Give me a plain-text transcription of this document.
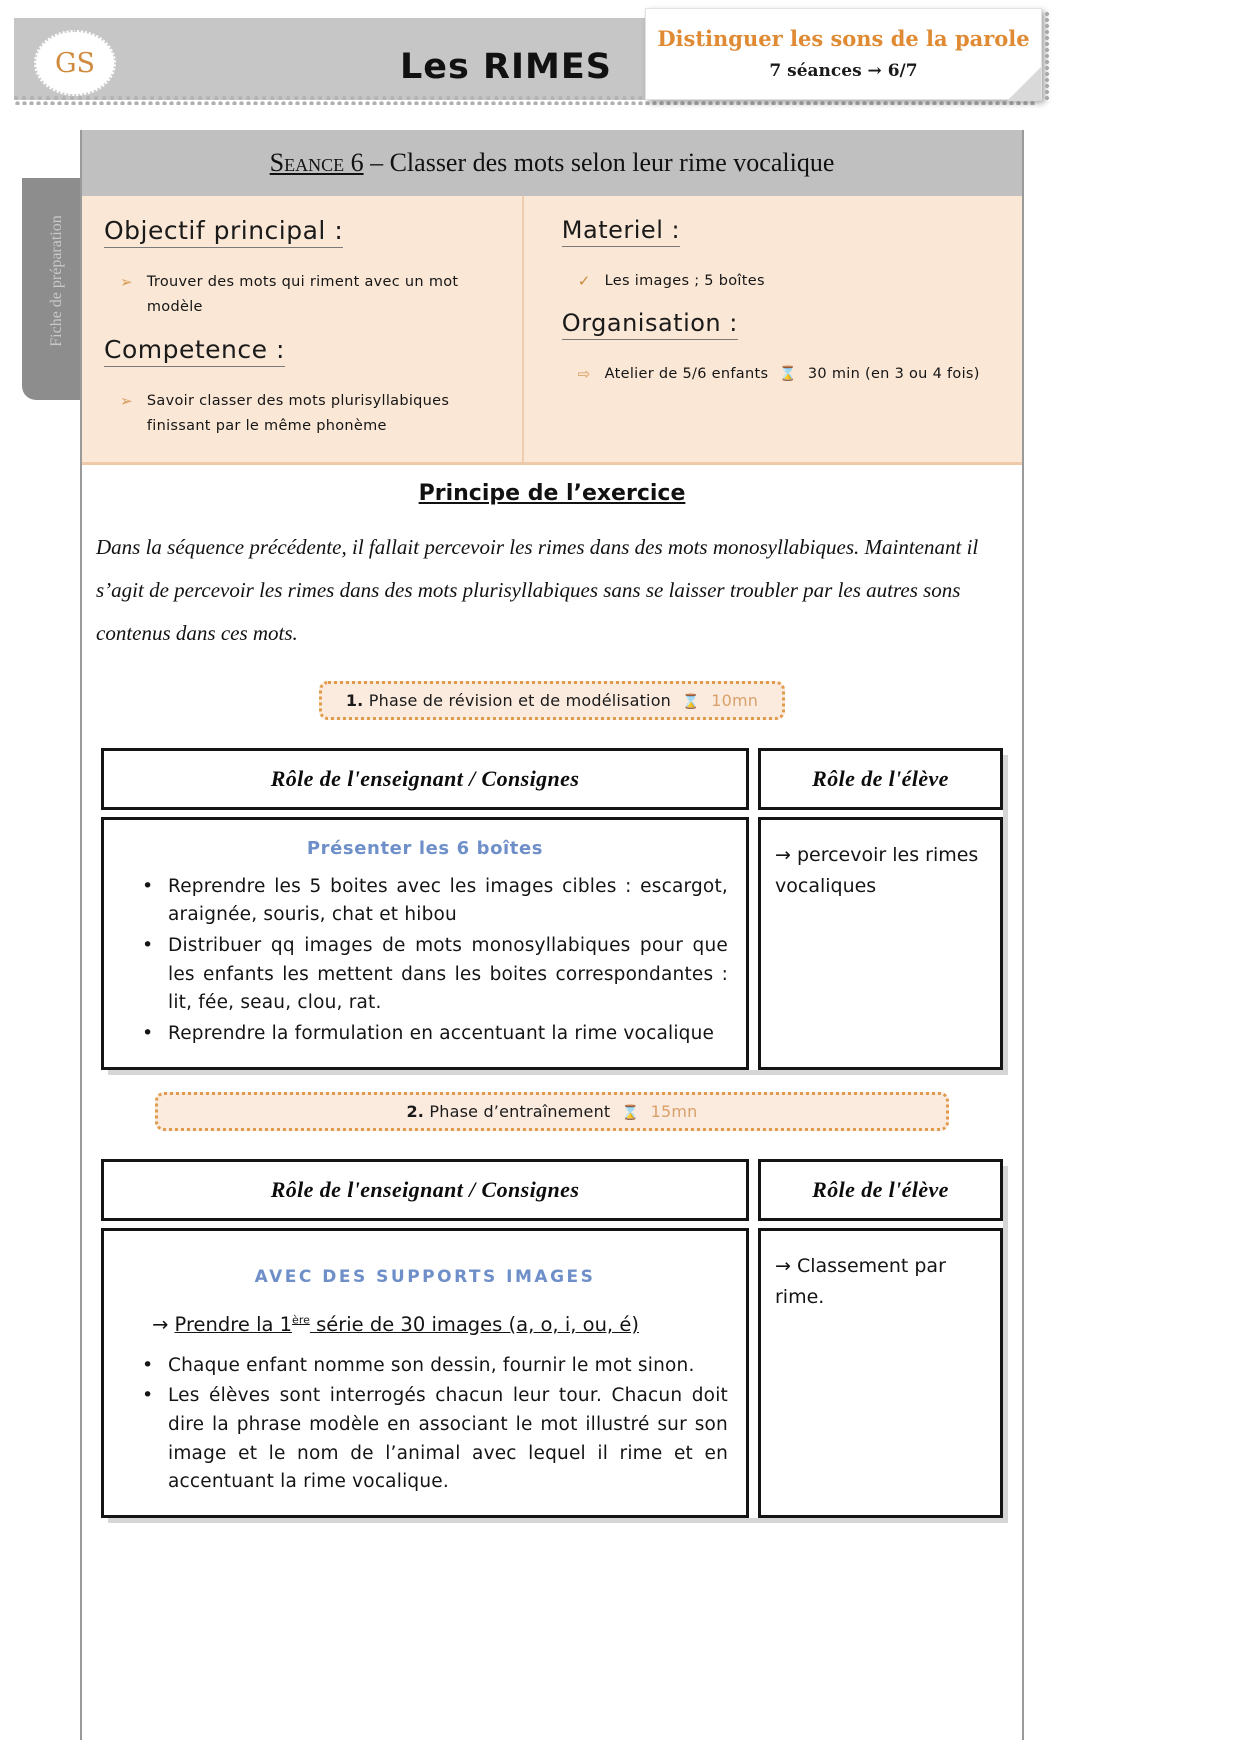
GS	Les RIMES
Distinguer les sons de la parole
7 séances → 6/7
Fiche de préparation
Seance 6 – Classer des mots selon leur rime vocalique
Objectif principal :
➢ Trouver des mots qui riment avec un mot modèle
Competence :
➢ Savoir classer des mots plurisyllabiques finissant par le même phonème
Materiel :
✓ Les images ; 5 boîtes
Organisation :
⇨ Atelier de 5/6 enfants ⌛ 30 min (en 3 ou 4 fois)
Principe de l’exercice
Dans la séquence précédente, il fallait percevoir les rimes dans des mots monosyllabiques. Maintenant il s’agit de percevoir les rimes dans des mots plurisyllabiques sans se laisser troubler par les autres sons contenus dans ces mots.
1. Phase de révision et de modélisation ⌛ 10mn
Rôle de l'enseignant / Consignes	Rôle de l'élève
Présenter les 6 boîtes
• Reprendre les 5 boites avec les images cibles : escargot, araignée, souris, chat et hibou
• Distribuer qq images de mots monosyllabiques pour que les enfants les mettent dans les boites correspondantes : lit, fée, seau, clou, rat.
• Reprendre la formulation en accentuant la rime vocalique
→ percevoir les rimes vocaliques
2. Phase d’entraînement ⌛ 15mn
Rôle de l'enseignant / Consignes	Rôle de l'élève
AVEC DES SUPPORTS IMAGES
→ Prendre la 1ère série de 30 images (a, o, i, ou, é)
• Chaque enfant nomme son dessin, fournir le mot sinon.
• Les élèves sont interrogés chacun leur tour. Chacun doit dire la phrase modèle en associant le mot illustré sur son image et le nom de l’animal avec lequel il rime et en accentuant la rime vocalique.
→ Classement par rime.
